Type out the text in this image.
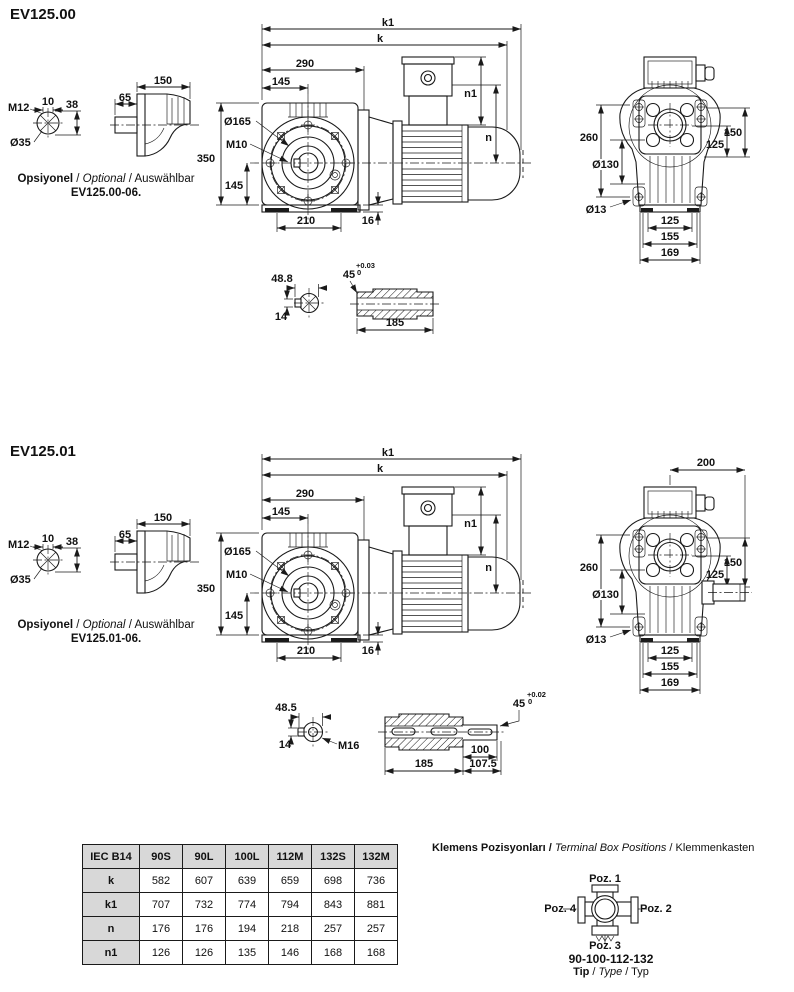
EV125.00
Opsiyonel / Optional / Auswählbar
EV125.00-06.
EV125.01
Opsiyonel / Optional / Auswählbar
EV125.01-06.
48.8
14
45
+0.03
0
185
200
48.5
14	M16
45
+0.02
0
100
185	107.5
IEC B14	90S	90L	100L	112M	132S	132M
k	582	607	639	659	698	736
k1	707	732	774	794	843	881
n	176	176	194	218	257	257
n1	126	126	135	146	168	168
Klemens Pozisyonları / Terminal Box Positions / Klemmenkasten
Poz. 1
Poz. 2
Poz. 3
Poz. 4
90-100-112-132
Tip / Type / Typ
